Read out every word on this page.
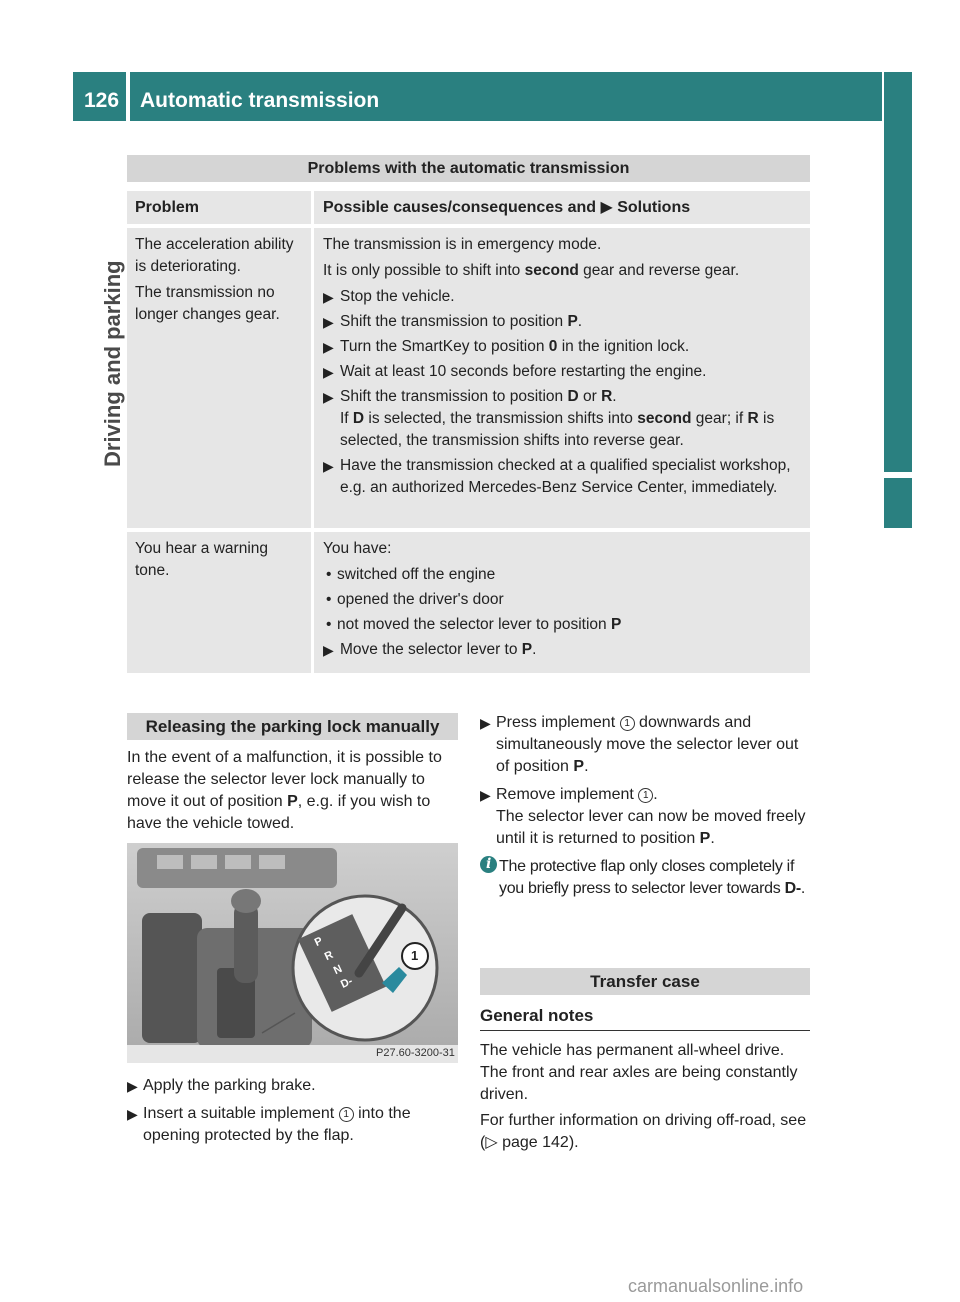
126 Automatic transmission
Driving and parking
Problems with the automatic transmission
Problem	Possible causes/consequences and ▶ Solutions

The acceleration ability is deteriorating.

The transmission no longer changes gear.

The transmission is in emergency mode.

It is only possible to shift into second gear and reverse gear.

▶ Stop the vehicle.
▶ Shift the transmission to position P.
▶ Turn the SmartKey to position 0 in the ignition lock.
▶ Wait at least 10 seconds before restarting the engine.
▶ Shift the transmission to position D or R.
If D is selected, the transmission shifts into second gear; if R is selected, the transmission shifts into reverse gear.
▶ Have the transmission checked at a qualified specialist workshop, e.g. an authorized Mercedes-Benz Service Center, immediately.

You hear a warning tone.

You have:

• switched off the engine
• opened the driver's door
• not moved the selector lever to position P
▶ Move the selector lever to P.
Releasing the parking lock manually

In the event of a malfunction, it is possible to release the selector lever lock manually to move it out of position P, e.g. if you wish to have the vehicle towed.

P
R
N
D-
1
P27.60-3200-31
▶ Apply the parking brake.
▶ Insert a suitable implement 1 into the opening protected by the flap.
▶ Press implement 1 downwards and simultaneously move the selector lever out of position P.
▶ Remove implement 1 .
The selector lever can now be moved freely until it is returned to position P.
i The protective flap only closes completely if you briefly press to selector lever towards D-.
Transfer case
General notes

The vehicle has permanent all-wheel drive. The front and rear axles are being constantly driven.

For further information on driving off-road, see (▷ page 142).

carmanualsonline.info
